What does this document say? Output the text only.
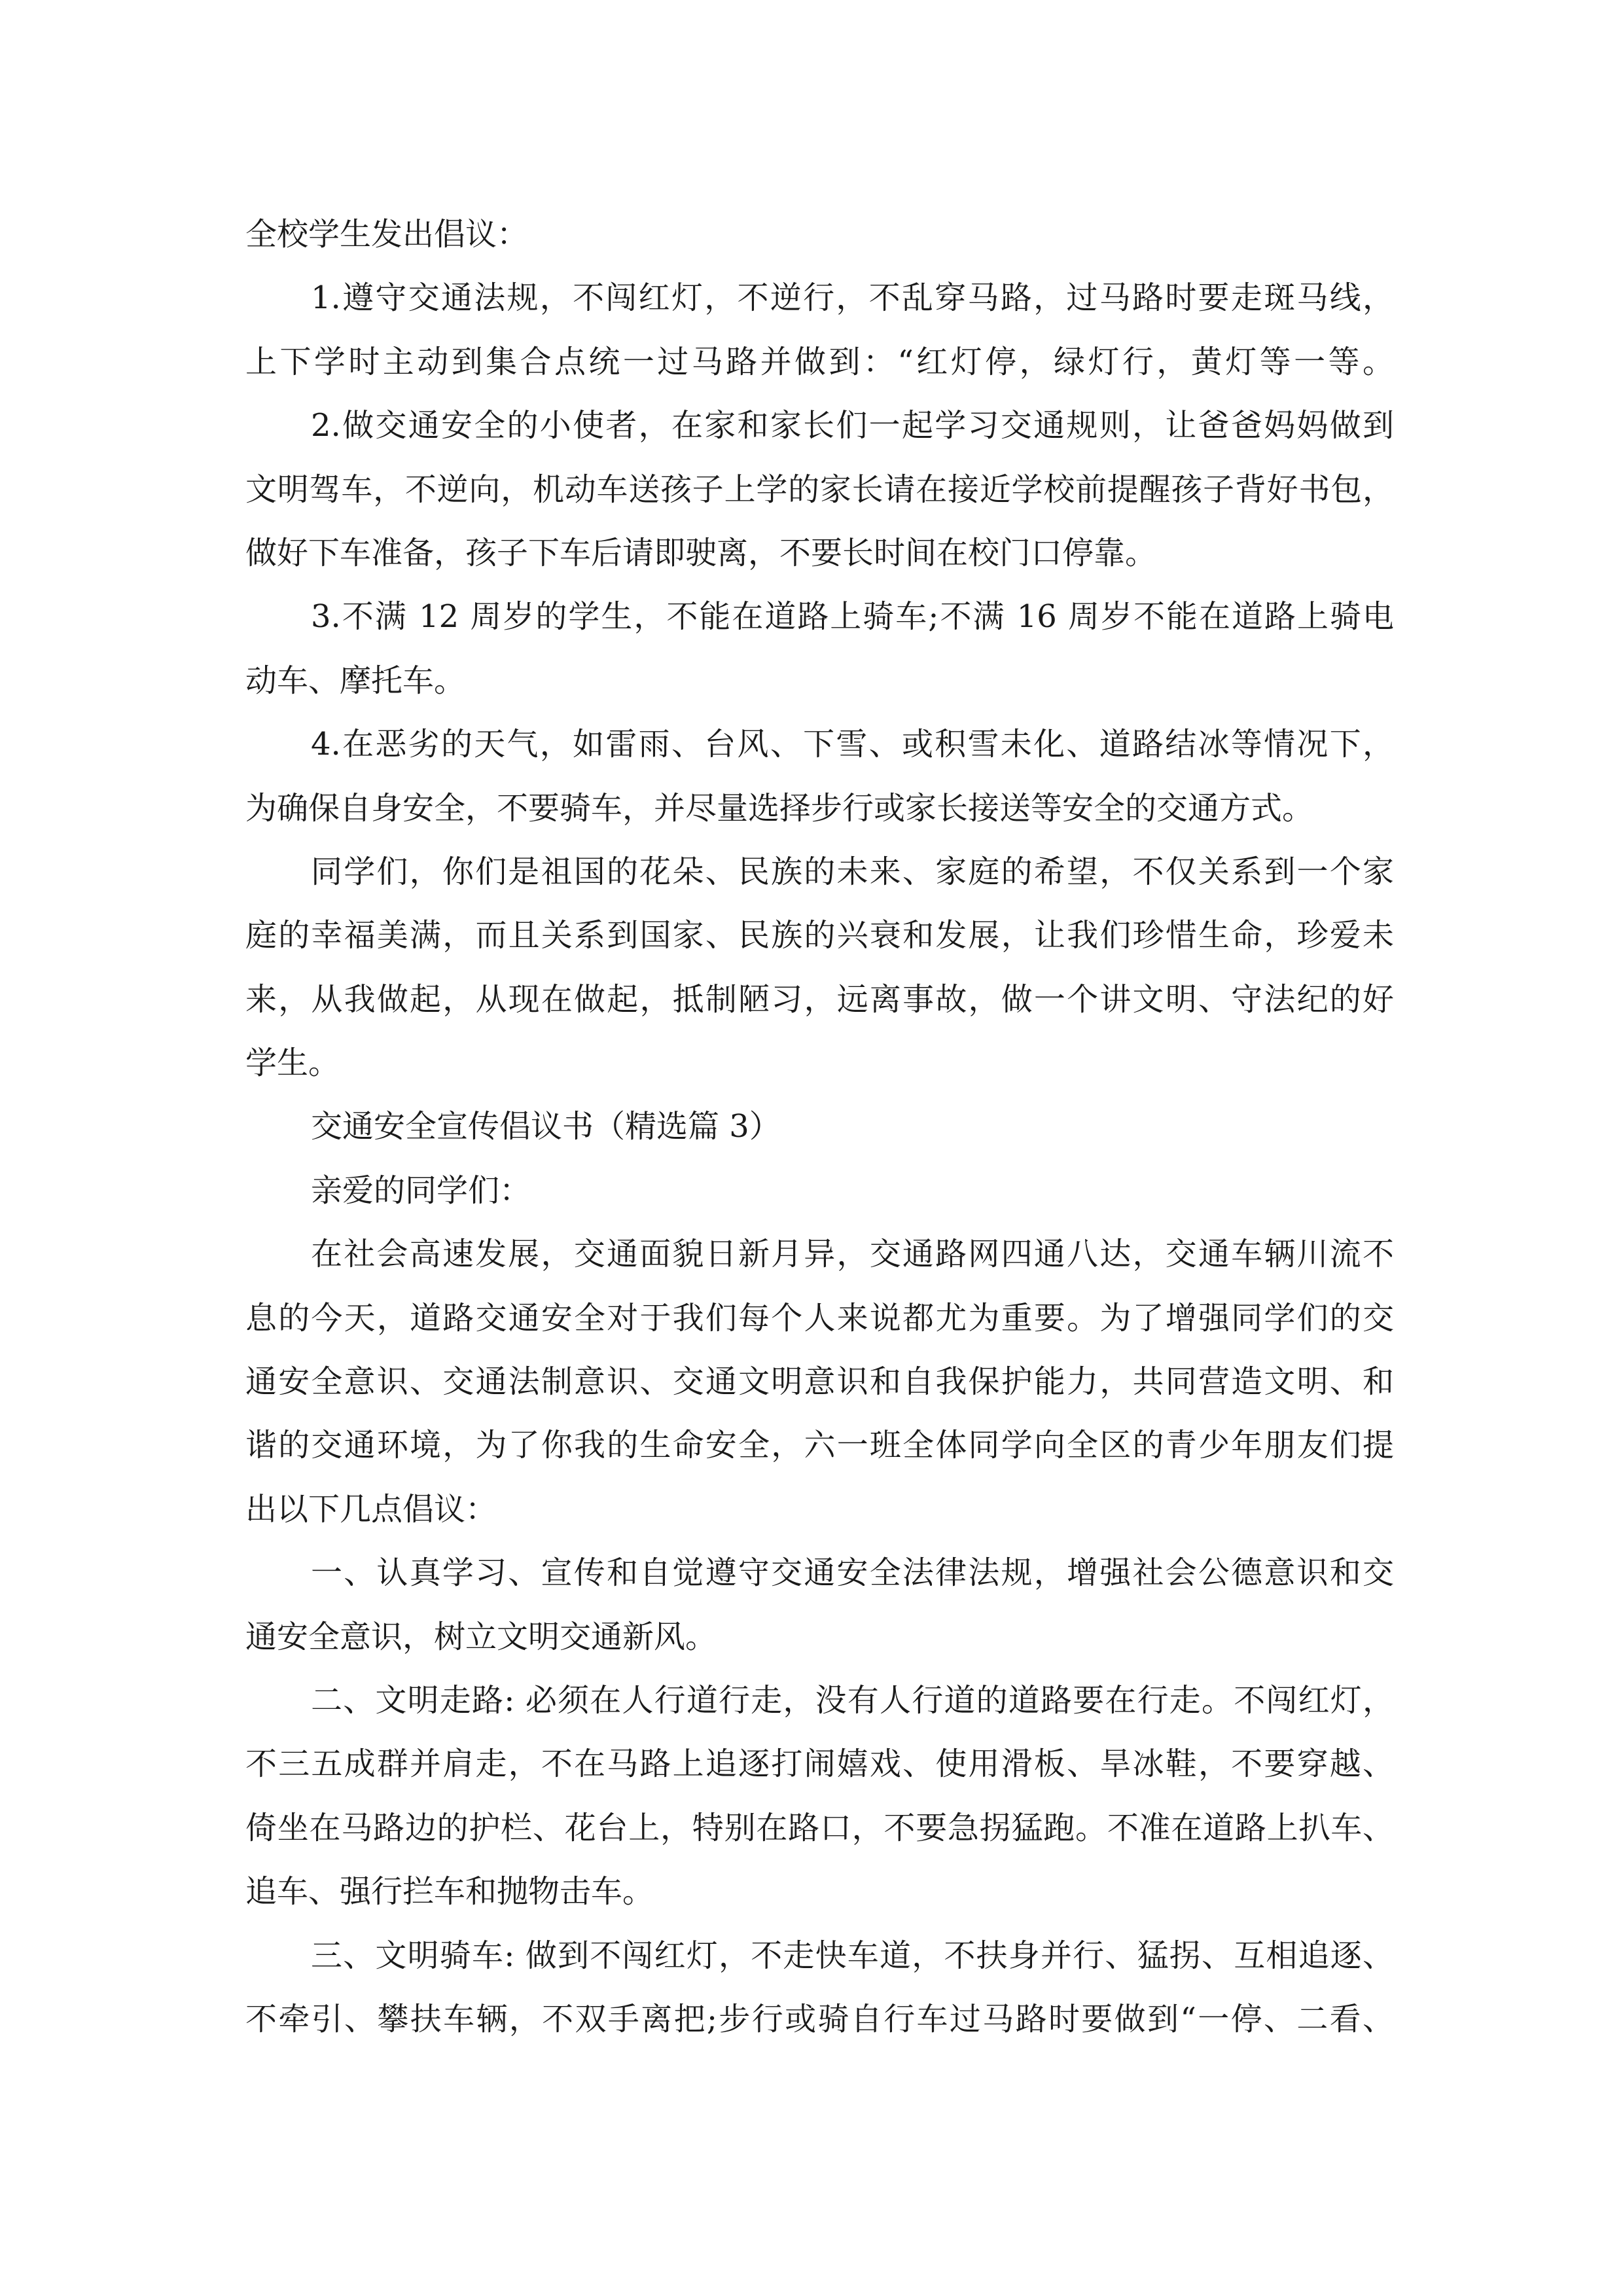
全校学生发出倡议：
1.遵守交通法规，不闯红灯，不逆行，不乱穿马路，过马路时要走斑马线，
上下学时主动到集合点统一过马路并做到：“红灯停，绿灯行，黄灯等一等。
2.做交通安全的小使者，在家和家长们一起学习交通规则，让爸爸妈妈做到
文明驾车，不逆向，机动车送孩子上学的家长请在接近学校前提醒孩子背好书包，
做好下车准备，孩子下车后请即驶离，不要长时间在校门口停靠。
3.不满 12 周岁的学生，不能在道路上骑车;不满 16 周岁不能在道路上骑电
动车、摩托车。
4.在恶劣的天气，如雷雨、台风、下雪、或积雪未化、道路结冰等情况下，
为确保自身安全，不要骑车，并尽量选择步行或家长接送等安全的交通方式。
同学们，你们是祖国的花朵、民族的未来、家庭的希望，不仅关系到一个家
庭的幸福美满，而且关系到国家、民族的兴衰和发展，让我们珍惜生命，珍爱未
来，从我做起，从现在做起，抵制陋习，远离事故，做一个讲文明、守法纪的好
学生。
交通安全宣传倡议书（精选篇 3）
亲爱的同学们：
在社会高速发展，交通面貌日新月异，交通路网四通八达，交通车辆川流不
息的今天，道路交通安全对于我们每个人来说都尤为重要。为了增强同学们的交
通安全意识、交通法制意识、交通文明意识和自我保护能力，共同营造文明、和
谐的交通环境，为了你我的生命安全，六一班全体同学向全区的青少年朋友们提
出以下几点倡议：
一、认真学习、宣传和自觉遵守交通安全法律法规，增强社会公德意识和交
通安全意识，树立文明交通新风。
二、文明走路: 必须在人行道行走，没有人行道的道路要在行走。不闯红灯，
不三五成群并肩走，不在马路上追逐打闹嬉戏、使用滑板、旱冰鞋，不要穿越、
倚坐在马路边的护栏、花台上，特别在路口，不要急拐猛跑。不准在道路上扒车、
追车、强行拦车和抛物击车。
三、文明骑车: 做到不闯红灯，不走快车道，不扶身并行、猛拐、互相追逐、
不牵引、攀扶车辆，不双手离把;步行或骑自行车过马路时要做到“一停、二看、
